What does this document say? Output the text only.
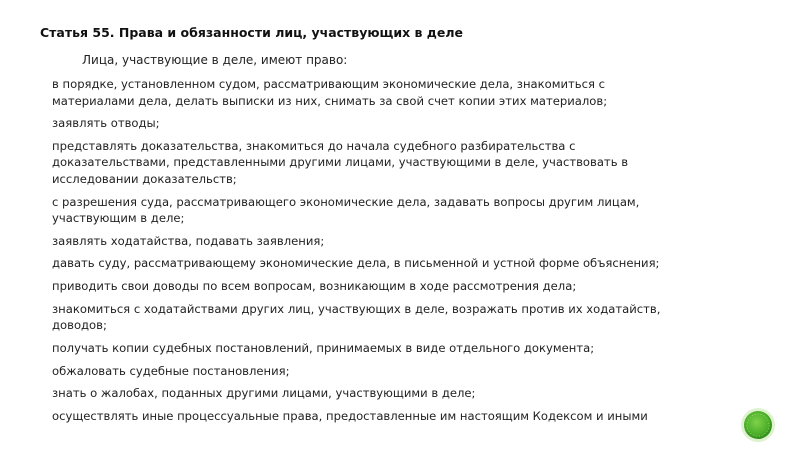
Статья 55. Права и обязанности лиц, участвующих в деле
Лица, участвующие в деле, имеют право:
в порядке, установленном судом, рассматривающим экономические дела, знакомиться с
материалами дела, делать выписки из них, снимать за свой счет копии этих материалов;
заявлять отводы;
представлять доказательства, знакомиться до начала судебного разбирательства с
доказательствами, представленными другими лицами, участвующими в деле, участвовать в
исследовании доказательств;
с разрешения суда, рассматривающего экономические дела, задавать вопросы другим лицам,
участвующим в деле;
заявлять ходатайства, подавать заявления;
давать суду, рассматривающему экономические дела, в письменной и устной форме объяснения;
приводить свои доводы по всем вопросам, возникающим в ходе рассмотрения дела;
знакомиться с ходатайствами других лиц, участвующих в деле, возражать против их ходатайств,
доводов;
получать копии судебных постановлений, принимаемых в виде отдельного документа;
обжаловать судебные постановления;
знать о жалобах, поданных другими лицами, участвующими в деле;
осуществлять иные процессуальные права, предоставленные им настоящим Кодексом и иными
